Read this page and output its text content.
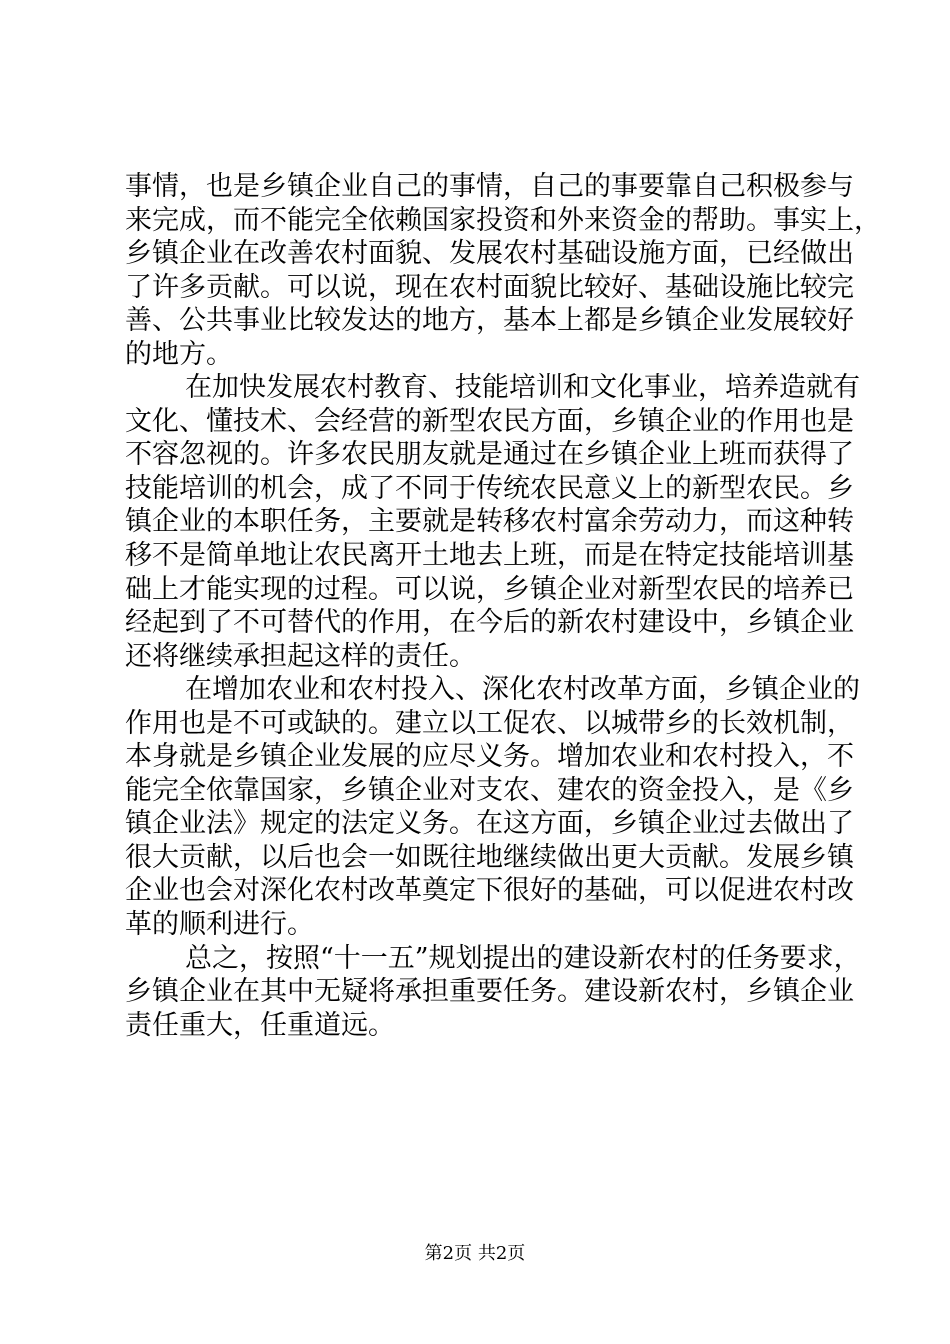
事情，也是乡镇企业自己的事情，自己的事要靠自己积极参与
来完成，而不能完全依赖国家投资和外来资金的帮助。事实上，
乡镇企业在改善农村面貌、发展农村基础设施方面，已经做出
了许多贡献。可以说，现在农村面貌比较好、基础设施比较完
善、公共事业比较发达的地方，基本上都是乡镇企业发展较好
的地方。
在加快发展农村教育、技能培训和文化事业，培养造就有
文化、懂技术、会经营的新型农民方面，乡镇企业的作用也是
不容忽视的。许多农民朋友就是通过在乡镇企业上班而获得了
技能培训的机会，成了不同于传统农民意义上的新型农民。乡
镇企业的本职任务，主要就是转移农村富余劳动力，而这种转
移不是简单地让农民离开土地去上班，而是在特定技能培训基
础上才能实现的过程。可以说，乡镇企业对新型农民的培养已
经起到了不可替代的作用，在今后的新农村建设中，乡镇企业
还将继续承担起这样的责任。
在增加农业和农村投入、深化农村改革方面，乡镇企业的
作用也是不可或缺的。建立以工促农、以城带乡的长效机制，
本身就是乡镇企业发展的应尽义务。增加农业和农村投入，不
能完全依靠国家，乡镇企业对支农、建农的资金投入，是《乡
镇企业法》规定的法定义务。在这方面，乡镇企业过去做出了
很大贡献，以后也会一如既往地继续做出更大贡献。发展乡镇
企业也会对深化农村改革奠定下很好的基础，可以促进农村改
革的顺利进行。
总之，按照“十一五”规划提出的建设新农村的任务要求，
乡镇企业在其中无疑将承担重要任务。建设新农村，乡镇企业
责任重大，任重道远。
第2页 共2页
